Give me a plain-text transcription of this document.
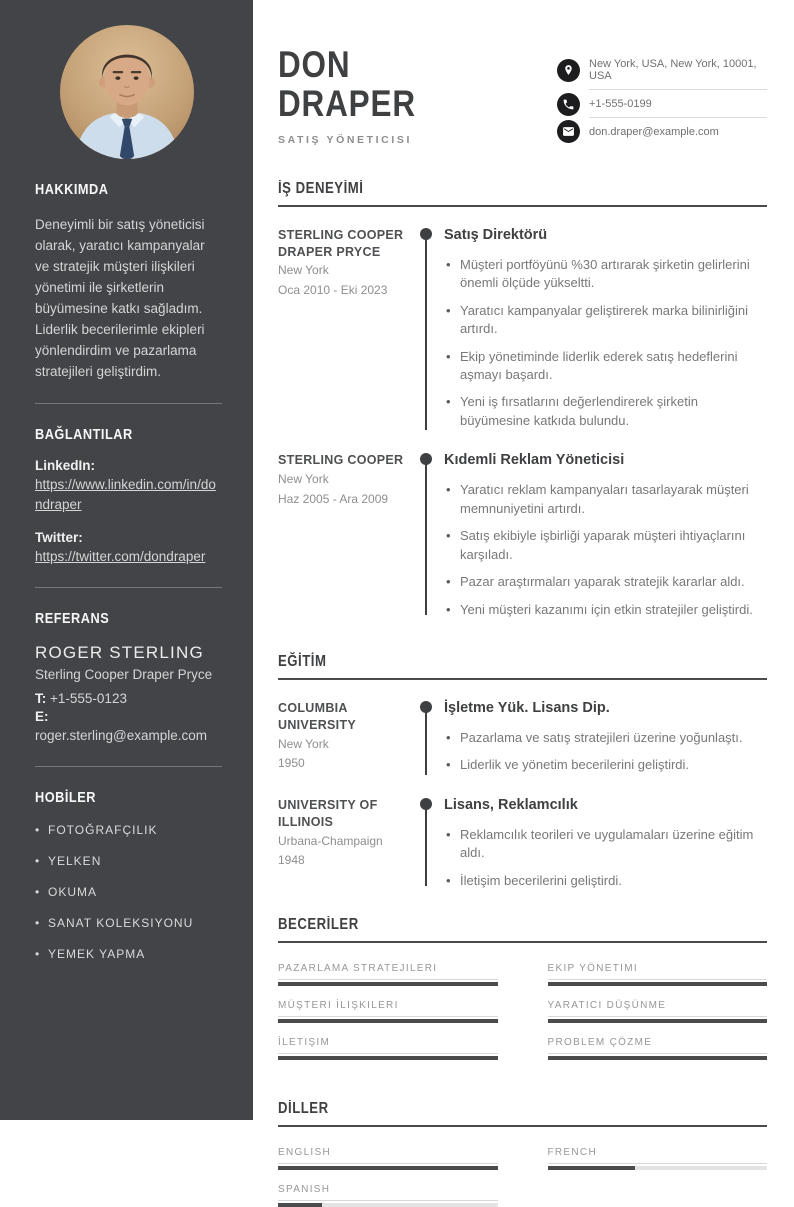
HAKKIMDA

Deneyimli bir satış yöneticisi olarak, yaratıcı kampanyalar ve stratejik müşteri ilişkileri yönetimi ile şirketlerin büyümesine katkı sağladım. Liderlik becerilerimle ekipleri yönlendirdim ve pazarlama stratejileri geliştirdim.

BAĞLANTILAR
LinkedIn:
https://www.linkedin.com/in/dondraper
Twitter:
https://twitter.com/dondraper
REFERANS
ROGER STERLING
Sterling Cooper Draper Pryce
T: +1-555-0123
E: roger.sterling@example.com
HOBİLER
• FOTOĞRAFÇILIK
• YELKEN
• OKUMA
• SANAT KOLEKSIYONU
• YEMEK YAPMA
DON
DRAPER
SATIŞ YÖNETICISI
New York, USA, New York, 10001, USA
+1-555-0199
don.draper@example.com
İŞ DENEYİMİ
STERLING COOPER DRAPER PRYCE
New York
Oca 2010 - Eki 2023
Satış Direktörü
• Müşteri portföyünü %30 artırarak şirketin gelirlerini önemli ölçüde yükseltti.
• Yaratıcı kampanyalar geliştirerek marka bilinirliğini artırdı.
• Ekip yönetiminde liderlik ederek satış hedeflerini aşmayı başardı.
• Yeni iş fırsatlarını değerlendirerek şirketin büyümesine katkıda bulundu.
STERLING COOPER
New York
Haz 2005 - Ara 2009
Kıdemli Reklam Yöneticisi
• Yaratıcı reklam kampanyaları tasarlayarak müşteri memnuniyetini artırdı.
• Satış ekibiyle işbirliği yaparak müşteri ihtiyaçlarını karşıladı.
• Pazar araştırmaları yaparak stratejik kararlar aldı.
• Yeni müşteri kazanımı için etkin stratejiler geliştirdi.
EĞİTİM
COLUMBIA UNIVERSITY
New York
1950
İşletme Yük. Lisans Dip.
• Pazarlama ve satış stratejileri üzerine yoğunlaştı.
• Liderlik ve yönetim becerilerini geliştirdi.
UNIVERSITY OF ILLINOIS
Urbana-Champaign
1948
Lisans, Reklamcılık
• Reklamcılık teorileri ve uygulamaları üzerine eğitim aldı.
• İletişim becerilerini geliştirdi.
BECERİLER
PAZARLAMA STRATEJILERI	EKIP YÖNETIMI
MÜŞTERI İLIŞKILERI	YARATICI DÜŞÜNME
İLETIŞIM	PROBLEM ÇÖZME
DİLLER
ENGLISH	FRENCH
SPANISH
